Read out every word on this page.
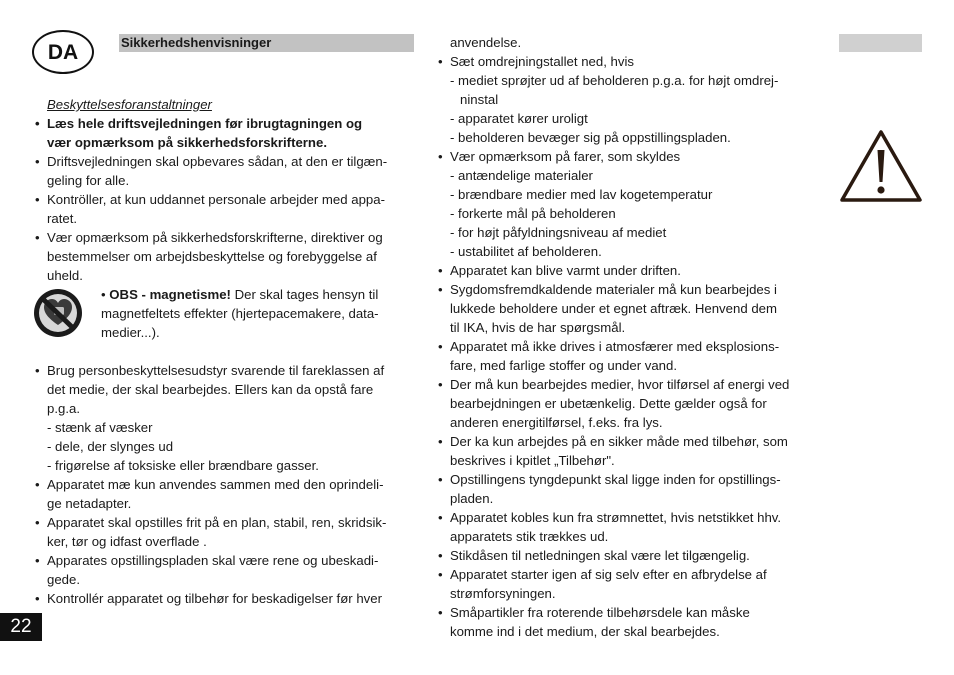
DA	Sikkerhedshenvisninger
Beskyttelsesforanstaltninger
• Læs hele driftsvejledningen før ibrugtagningen og
vær opmærksom på sikkerhedsforskrifterne.
• Driftsvejledningen skal opbevares sådan, at den er tilgæn-
geling for alle.
• Kontröller, at kun uddannet personale arbejder med appa-
ratet.
• Vær opmærksom på sikkerhedsforskrifterne, direktiver og
bestemmelser om arbejdsbeskyttelse og forebyggelse af
uheld.
• OBS - magnetisme! Der skal tages hensyn til
magnetfeltets effekter (hjertepacemakere, data-
medier...).
• Brug personbeskyttelsesudstyr svarende til fareklassen af
det medie, der skal bearbejdes. Ellers kan da opstå fare
p.g.a.
- stænk af væsker
- dele, der slynges ud
- frigørelse af toksiske eller brændbare gasser.
• Apparatet mæ kun anvendes sammen med den oprindeli-
ge netadapter.
• Apparatet skal opstilles frit på en plan, stabil, ren, skridsik-
ker, tør og idfast overflade .
• Apparates opstillingspladen skal være rene og ubeskadi-
gede.
• Kontrollér apparatet og tilbehør for beskadigelser før hver
anvendelse.
• Sæt omdrejningstallet ned, hvis
- mediet sprøjter ud af beholderen p.g.a. for højt omdrej-
ninstal
- apparatet kører uroligt
- beholderen bevæger sig på oppstillingspladen.
• Vær opmærksom på farer, som skyldes
- antændelige materialer
- brændbare medier med lav kogetemperatur
- forkerte mål på beholderen
- for højt påfyldningsniveau af mediet
- ustabilitet af beholderen.
• Apparatet kan blive varmt under driften.
• Sygdomsfremdkaldende materialer må kun bearbejdes i
lukkede beholdere under et egnet aftræk. Henvend dem
til IKA, hvis de har spørgsmål.
• Apparatet må ikke drives i atmosfærer med eksplosions-
fare, med farlige stoffer og under vand.
• Der må kun bearbejdes medier, hvor tilførsel af energi ved
bearbejdningen er ubetænkelig. Dette gælder også for
anderen energitilførsel, f.eks. fra lys.
• Der ka kun arbejdes på en sikker måde med tilbehør, som
beskrives i kpitlet „Tilbehør".
• Opstillingens tyngdepunkt skal ligge inden for opstillings-
pladen.
• Apparatet kobles kun fra strømnettet, hvis netstikket hhv.
apparatets stik trækkes ud.
• Stikdåsen til netledningen skal være let tilgængelig.
• Apparatet starter igen af sig selv efter en afbrydelse af
strømforsyningen.
• Småpartikler fra roterende tilbehørsdele kan måske
komme ind i det medium, der skal bearbejdes.
22
